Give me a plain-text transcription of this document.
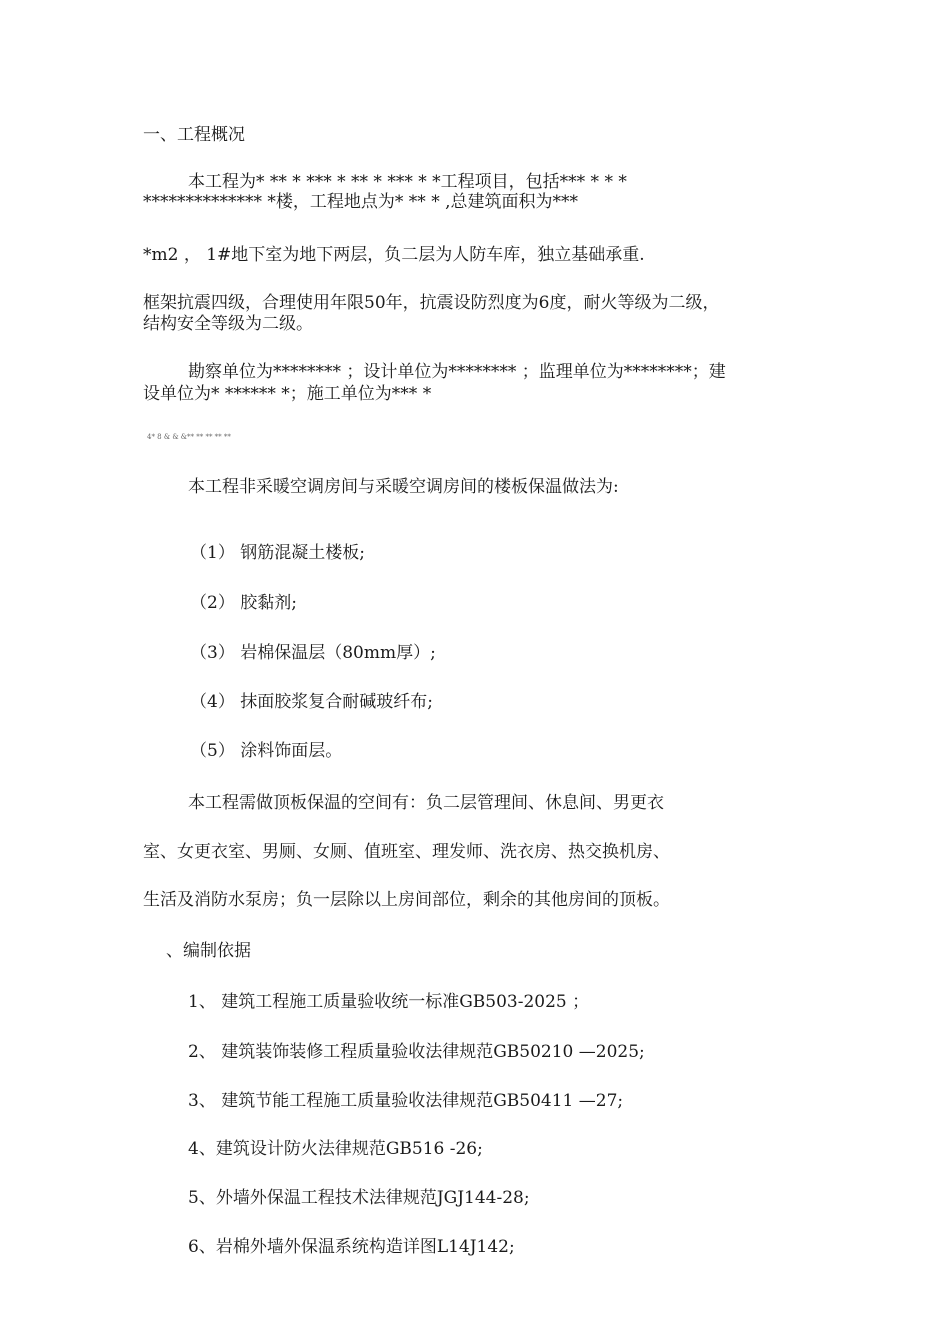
一、工程概况
本工程为* ** * *** * ** * *** * *工程项目，包括*** * * *
************** *楼，工程地点为* ** * ,总建筑面积为***
*m2 ， 1#地下室为地下两层，负二层为人防车库，独立基础承重.
框架抗震四级，合理使用年限50年，抗震设防烈度为6度，耐火等级为二级，
结构安全等级为二级。
勘察单位为******** ；设计单位为******** ；监理单位为********；建
设单位为* ****** *；施工单位为*** *
4* 8 & & &** ** ** ** **
本工程非采暖空调房间与采暖空调房间的楼板保温做法为:
（1） 钢筋混凝土楼板;
（2） 胶黏剂;
（3） 岩棉保温层（80mm厚）;
（4） 抹面胶浆复合耐碱玻纤布;
（5） 涂料饰面层。
本工程需做顶板保温的空间有：负二层管理间、休息间、男更衣
室、女更衣室、男厕、女厕、值班室、理发师、洗衣房、热交换机房、
生活及消防水泵房；负一层除以上房间部位，剩余的其他房间的顶板。
、编制依据
1、 建筑工程施工质量验收统一标准GB503-2025 ；
2、 建筑装饰装修工程质量验收法律规范GB50210 —2025;
3、 建筑节能工程施工质量验收法律规范GB50411 —27;
4、建筑设计防火法律规范GB516 -26;
5、外墙外保温工程技术法律规范JGJ144-28;
6、岩棉外墙外保温系统构造详图L14J142;
